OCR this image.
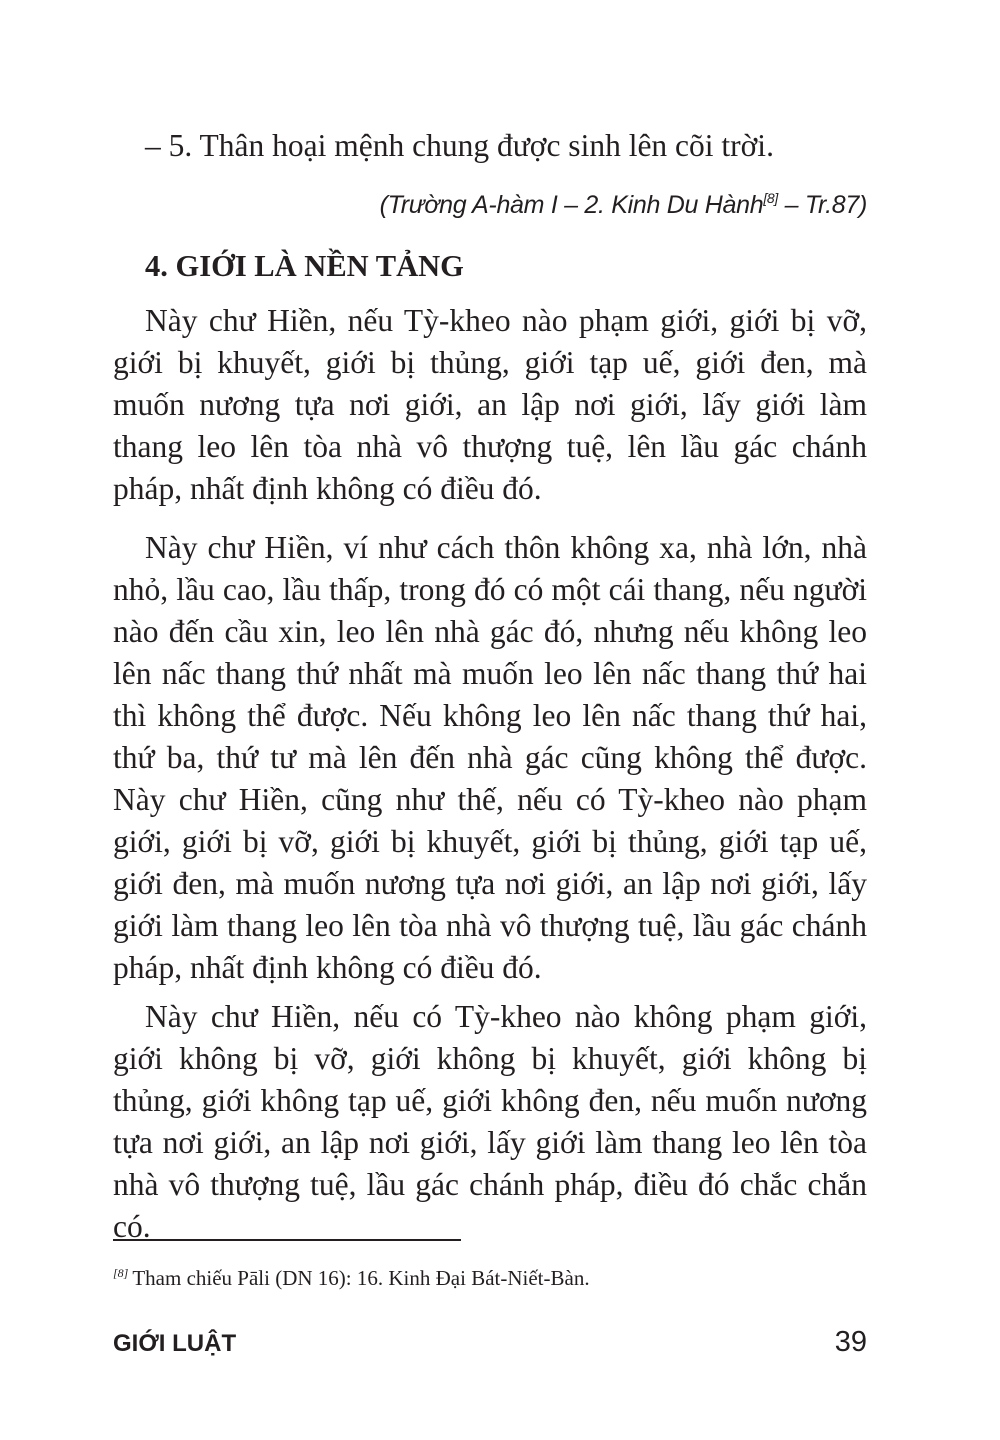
– 5. Thân hoại mệnh chung được sinh lên cõi trời.
(Trường A-hàm I – 2. Kinh Du Hành[8] – Tr.87)
4. GIỚI LÀ NỀN TẢNG

Này chư Hiền, nếu Tỳ-kheo nào phạm giới, giới bị vỡ, giới bị khuyết, giới bị thủng, giới tạp uế, giới đen, mà muốn nương tựa nơi giới, an lập nơi giới, lấy giới làm thang leo lên tòa nhà vô thượng tuệ, lên lầu gác chánh pháp, nhất định không có điều đó.

Này chư Hiền, ví như cách thôn không xa, nhà lớn, nhà nhỏ, lầu cao, lầu thấp, trong đó có một cái thang, nếu người nào đến cầu xin, leo lên nhà gác đó, nhưng nếu không leo lên nấc thang thứ nhất mà muốn leo lên nấc thang thứ hai thì không thể được. Nếu không leo lên nấc thang thứ hai, thứ ba, thứ tư mà lên đến nhà gác cũng không thể được. Này chư Hiền, cũng như thế, nếu có Tỳ-kheo nào phạm giới, giới bị vỡ, giới bị khuyết, giới bị thủng, giới tạp uế, giới đen, mà muốn nương tựa nơi giới, an lập nơi giới, lấy giới làm thang leo lên tòa nhà vô thượng tuệ, lầu gác chánh pháp, nhất định không có điều đó.

Này chư Hiền, nếu có Tỳ-kheo nào không phạm giới, giới không bị vỡ, giới không bị khuyết, giới không bị thủng, giới không tạp uế, giới không đen, nếu muốn nương tựa nơi giới, an lập nơi giới, lấy giới làm thang leo lên tòa nhà vô thượng tuệ, lầu gác chánh pháp, điều đó chắc chắn có.

[8] Tham chiếu Pāli (DN 16): 16. Kinh Đại Bát-Niết-Bàn.
GIỚI LUẬT	39
